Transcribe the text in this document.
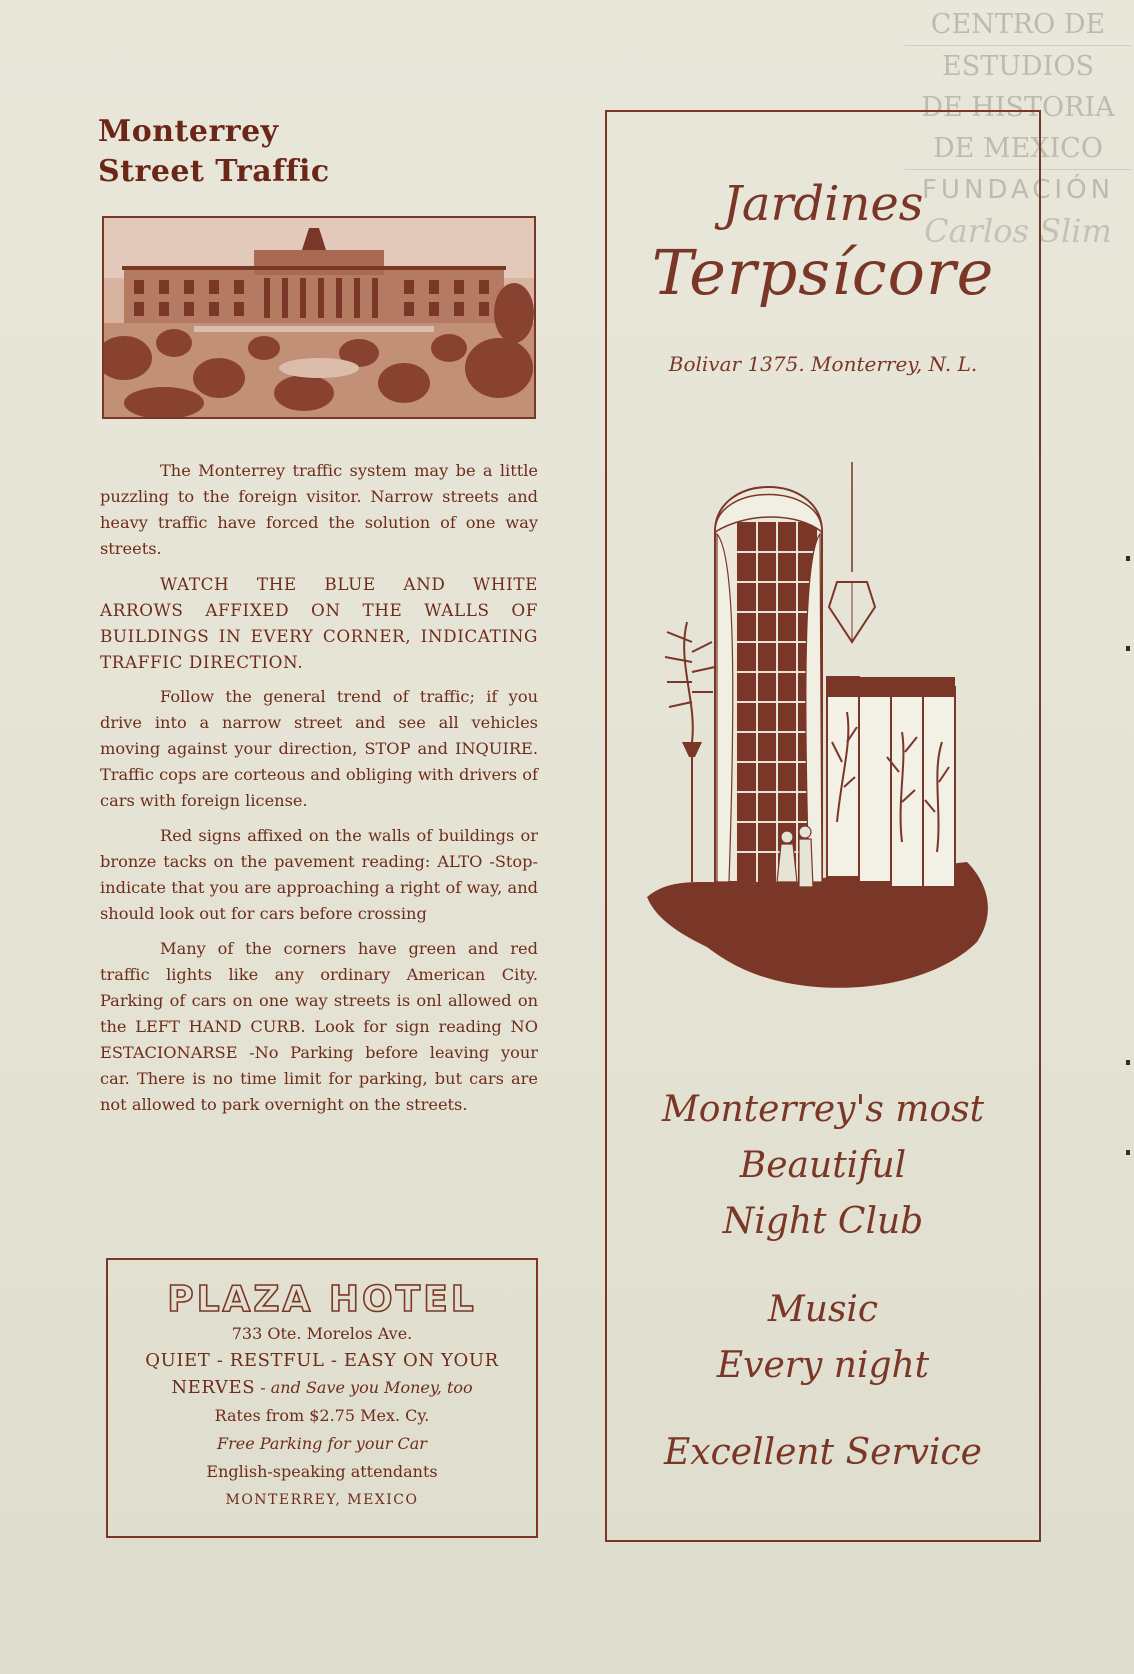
CENTRO DE
ESTUDIOS
DE HISTORIA
DE MEXICO
FUNDACIÓN
Carlos Slim
Monterrey
Street Traffic

The Monterrey traffic system may be a little puzzling to the foreign visitor. Narrow streets and heavy traffic have forced the solution of one way streets.

WATCH THE BLUE AND WHITE ARROWS AFFIXED ON THE WALLS OF BUILDINGS IN EVERY CORNER, INDICATING TRAFFIC DIRECTION.

Follow the general trend of traffic; if you drive into a narrow street and see all vehicles moving against your direction, STOP and INQUIRE. Traffic cops are corteous and obliging with drivers of cars with foreign license.

Red signs affixed on the walls of buildings or bronze tacks on the pavement reading: ALTO -Stop- indicate that you are approaching a right of way, and should look out for cars before crossing

Many of the corners have green and red traffic lights like any ordinary American City. Parking of cars on one way streets is onl allowed on the LEFT HAND CURB. Look for sign reading NO ESTACIONARSE -No Parking before leaving your car. There is no time limit for parking, but cars are not allowed to park overnight on the streets.

PLAZA HOTEL
733 Ote. Morelos Ave.
QUIET - RESTFUL - EASY ON YOUR
NERVES - and Save you Money, too
Rates from $2.75 Mex. Cy.
Free Parking for your Car
English-speaking attendants
MONTERREY, MEXICO
Jardines
Terpsícore
Bolivar 1375. Monterrey, N. L.
Monterrey's most
Beautiful
Night Club
Music
Every night
Excellent Service
